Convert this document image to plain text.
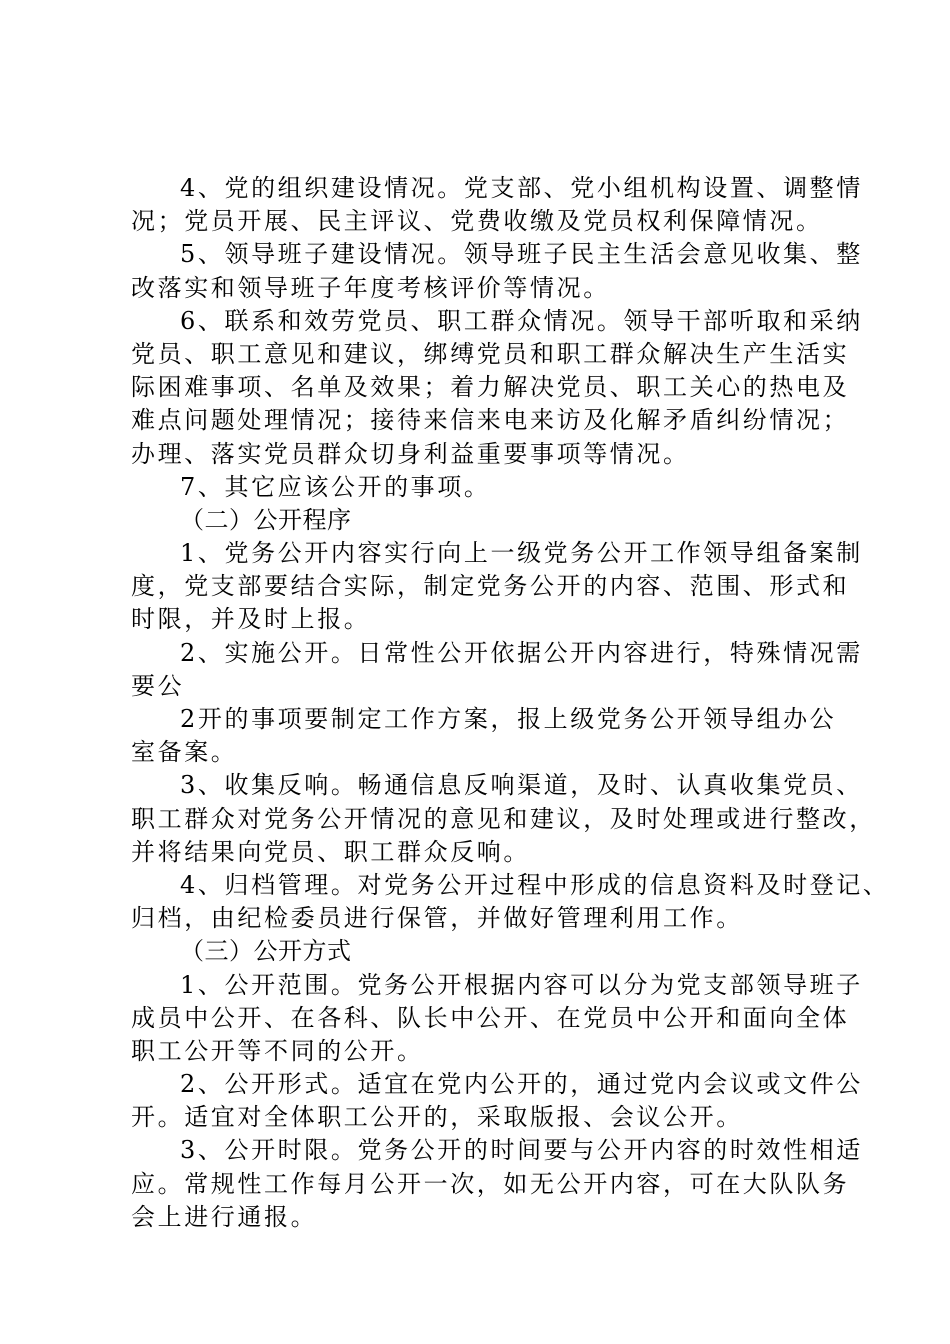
4、党的组织建设情况。党支部、党小组机构设置、调整情
况；党员开展、民主评议、党费收缴及党员权利保障情况。
5、领导班子建设情况。领导班子民主生活会意见收集、整
改落实和领导班子年度考核评价等情况。
6、联系和效劳党员、职工群众情况。领导干部听取和采纳
党员、职工意见和建议，绑缚党员和职工群众解决生产生活实
际困难事项、名单及效果；着力解决党员、职工关心的热电及
难点问题处理情况；接待来信来电来访及化解矛盾纠纷情况；
办理、落实党员群众切身利益重要事项等情况。
7、其它应该公开的事项。
（二）公开程序
1、党务公开内容实行向上一级党务公开工作领导组备案制
度，党支部要结合实际，制定党务公开的内容、范围、形式和
时限，并及时上报。
2、实施公开。日常性公开依据公开内容进行，特殊情况需
要公
2开的事项要制定工作方案，报上级党务公开领导组办公
室备案。
3、收集反响。畅通信息反响渠道，及时、认真收集党员、
职工群众对党务公开情况的意见和建议，及时处理或进行整改，
并将结果向党员、职工群众反响。
4、归档管理。对党务公开过程中形成的信息资料及时登记、
归档，由纪检委员进行保管，并做好管理利用工作。
（三）公开方式
1、公开范围。党务公开根据内容可以分为党支部领导班子
成员中公开、在各科、队长中公开、在党员中公开和面向全体
职工公开等不同的公开。
2、公开形式。适宜在党内公开的，通过党内会议或文件公
开。适宜对全体职工公开的，采取版报、会议公开。
3、公开时限。党务公开的时间要与公开内容的时效性相适
应。常规性工作每月公开一次，如无公开内容，可在大队队务
会上进行通报。
